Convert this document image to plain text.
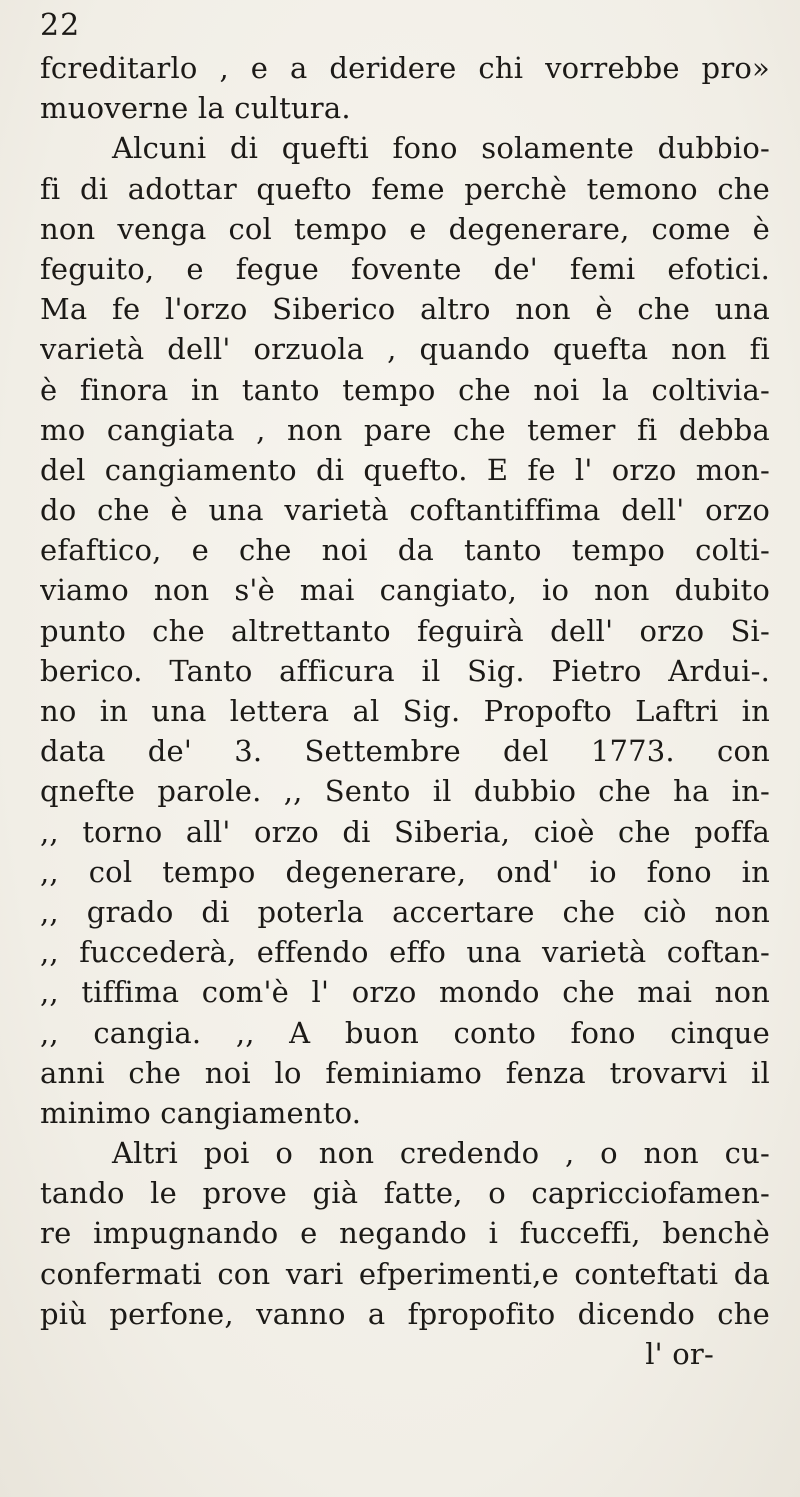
22
fcreditarlo , e a deridere chi vorrebbe pro»
muoverne la cultura.
Alcuni di quefti fono solamente dubbio-
fi di adottar quefto feme perchè temono che
non venga col tempo e degenerare, come è
feguito, e fegue fovente de' femi efotici.
Ma fe l'orzo Siberico altro non è che una
varietà dell' orzuola , quando quefta non fi
è finora in tanto tempo che noi la coltivia-
mo cangiata , non pare che temer fi debba
del cangiamento di quefto. E fe l' orzo mon-
do che è una varietà coftantiffima dell' orzo
efaftico, e che noi da tanto tempo colti-
viamo non s'è mai cangiato, io non dubito
punto che altrettanto feguirà dell' orzo Si-
berico. Tanto afficura il Sig. Pietro Ardui-.
no in una lettera al Sig. Propofto Laftri in
data de' 3. Settembre del 1773. con
qnefte parole. ,, Sento il dubbio che ha in-
,, torno all' orzo di Siberia, cioè che poffa
,, col tempo degenerare, ond' io fono in
,, grado di poterla accertare che ciò non
,, fuccederà, effendo effo una varietà coftan-
,, tiffima com'è l' orzo mondo che mai non
,, cangia. ,, A buon conto fono cinque
anni che noi lo feminiamo fenza trovarvi il
minimo cangiamento.
Altri poi o non credendo , o non cu-
tando le prove già fatte, o capricciofamen-
re impugnando e negando i fucceffi, benchè
confermati con vari efperimenti,e conteftati da
più perfone, vanno a fpropofito dicendo che
l' or-
